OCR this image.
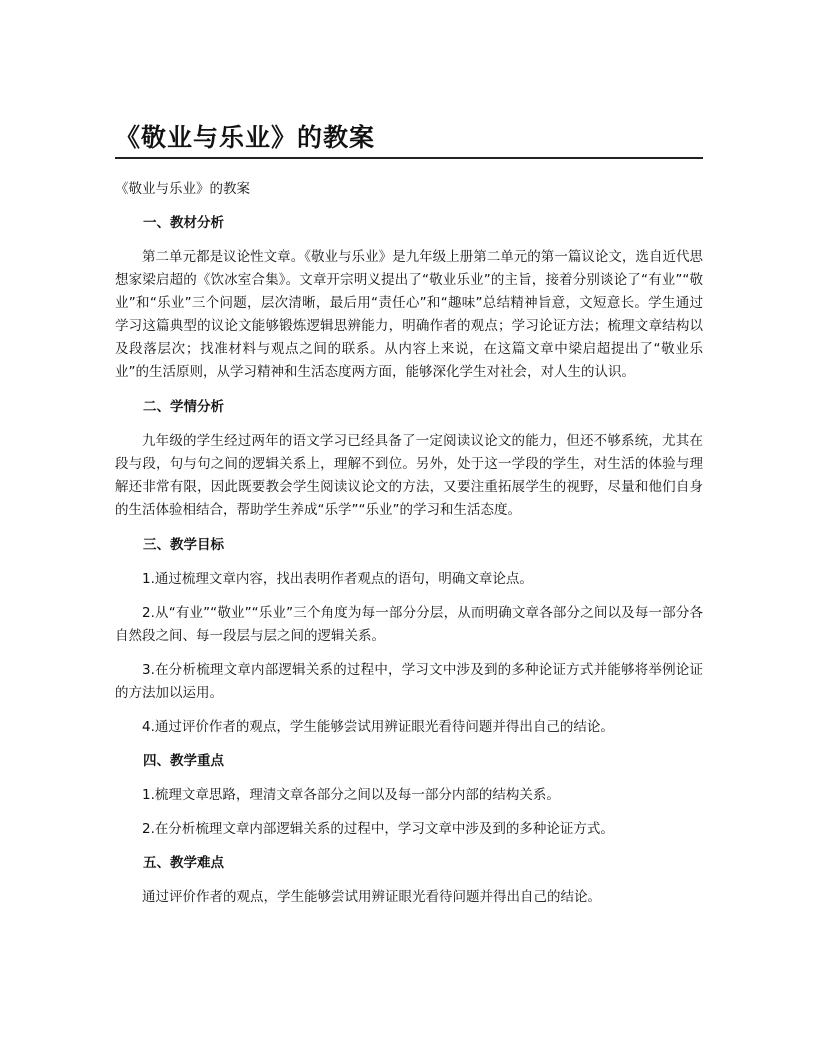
《敬业与乐业》的教案

《敬业与乐业》的教案

一、教材分析

第二单元都是议论性文章。《敬业与乐业》是九年级上册第二单元的第一篇议论文，选自近代思想家梁启超的《饮冰室合集》。文章开宗明义提出了“敬业乐业”的主旨，接着分别谈论了“有业”“敬业”和“乐业”三个问题，层次清晰，最后用“责任心”和“趣味”总结精神旨意，文短意长。学生通过学习这篇典型的议论文能够锻炼逻辑思辨能力，明确作者的观点；学习论证方法；梳理文章结构以及段落层次；找准材料与观点之间的联系。从内容上来说，在这篇文章中梁启超提出了“敬业乐业”的生活原则，从学习精神和生活态度两方面，能够深化学生对社会，对人生的认识。

二、学情分析

九年级的学生经过两年的语文学习已经具备了一定阅读议论文的能力，但还不够系统，尤其在段与段，句与句之间的逻辑关系上，理解不到位。另外，处于这一学段的学生，对生活的体验与理解还非常有限，因此既要教会学生阅读议论文的方法，又要注重拓展学生的视野，尽量和他们自身的生活体验相结合，帮助学生养成“乐学”“乐业”的学习和生活态度。

三、教学目标

1.通过梳理文章内容，找出表明作者观点的语句，明确文章论点。

2.从“有业”“敬业”“乐业”三个角度为每一部分分层，从而明确文章各部分之间以及每一部分各自然段之间、每一段层与层之间的逻辑关系。

3.在分析梳理文章内部逻辑关系的过程中，学习文中涉及到的多种论证方式并能够将举例论证的方法加以运用。

4.通过评价作者的观点，学生能够尝试用辨证眼光看待问题并得出自己的结论。

四、教学重点

1.梳理文章思路，理清文章各部分之间以及每一部分内部的结构关系。

2.在分析梳理文章内部逻辑关系的过程中，学习文章中涉及到的多种论证方式。

五、教学难点

通过评价作者的观点，学生能够尝试用辨证眼光看待问题并得出自己的结论。
